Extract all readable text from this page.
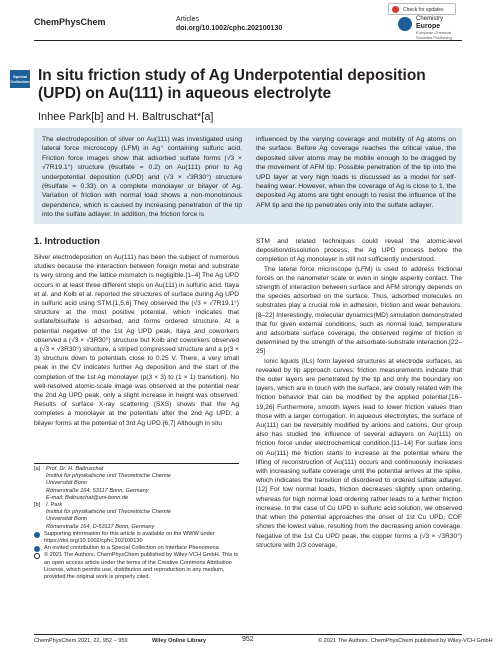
ChemPhysChem	Articles
doi.org/10.1002/cphc.202100130
Check for updates
Chemistry
Europe
European Chemical Societies Publishing
Special Collection In situ friction study of Ag Underpotential deposition (UPD) on Au(111) in aqueous electrolyte
Inhee Park[b] and H. Baltruschat*[a]
The electrodeposition of silver on Au(111) was investigated using lateral force microscopy (LFM) in Ag⁺ containing sulfuric acid. Friction force images show that adsorbed sulfate forms (√3 × √7R19.1°) structure (θsulfate = 0.2) on Au(111) prior to Ag underpotential deposition (UPD) and (√3 × √3R30°) structure (θsulfate = 0.33) on a complete monolayer or bilayer of Ag. Variation of friction with normal load shows a non-monotonous dependence, which is caused by increasing penetration of the tip into the sulfate adlayer. In addition, the friction force is
influenced by the varying coverage and mobility of Ag atoms on the surface. Before Ag coverage reaches the critical value, the deposited silver atoms may be mobile enough to be dragged by the movement of AFM tip. Possible penetration of the tip into the UPD layer at very high loads is discussed as a model for self-healing wear. However, when the coverage of Ag is close to 1, the deposited Ag atoms are tight enough to resist the influence of the AFM tip and the tip penetrates only into the sulfate adlayer.
1. Introduction

Silver electrodeposition on Au(111) has been the subject of numerous studies because the interaction between foreign metal and substrate is very strong and the lattice mismatch is negligible.[1–4] The Ag UPD occurs in at least three different steps on Au(111) in sulfuric acid. Itaya et al. and Kolb et al. reported the structures of surface during Ag UPD in sulfuric acid using STM.[1,5,6] They observed the (√3 × √7R19.1°) structure at the most positive potential, which indicates that sulfate/bisulfate is adsorbed, and forms ordered structure. At a potential negative of the 1st Ag UPD peak, Itaya and coworkers observed a (√3 × √3R30°) structure but Kolb and coworkers observed a (√3 × √3R30°) structure, a striped compressed structure and a p(3 × 3) structure down to potentials close to 0.25 V. There, a very small peak in the CV indicates further Ag deposition and the start of the completion of the 1st Ag monolayer (p(3 × 3) to (1 × 1) transition). No well-resolved atomic-scale image was observed at the potential near the 2nd Ag UPD peak, only a slight increase in height was observed. Results of surface X-ray scattering (SXS) shows that the Ag completes a monolayer at the potentials after the 2nd Ag UPD; a bilayer forms at the potential of 3rd Ag UPD.[6,7] Although in situ

[a] Prof. Dr. H. Baltruschat
Institut für physikalische und Theoretische Chemie
Universität Bonn
Römerstraße 164, 53117 Bonn, Germany
E-mail: Baltruschat@uni-bonn.de
[b] I. Park
Institut für physikalische und Theoretische Chemie
Universität Bonn
Römerstraße 164, D-53117 Bonn, Germany
Supporting information for this article is available on the WWW under https://doi.org/10.1002/cphc.202100130
An invited contribution to a Special Collection on Interface Phenomena
© 2021 The Authors. ChemPhysChem published by Wiley-VCH GmbH. This is an open access article under the terms of the Creative Commons Attribution License, which permits use, distribution and reproduction in any medium, provided the original work is properly cited.

STM and related techniques could reveal the atomic-level deposition/dissolution process, the Ag UPD process before the completion of Ag monolayer is still not sufficiently understood.

The lateral force microscope (LFM) is used to address frictional forces on the nanometer scale or even in single asperity contact. The strength of interaction between surface and AFM strongly depends on the species adsorbed on the surface. Thus, adsorbed molecules on substrates play a crucial role in adhesion, friction and wear behaviors.[8–22] Interestingly, molecular dynamics(MD) simulation demonstrated that for given external conditions, such as normal load, temperature and adsorbate surface coverage, the observed regime of friction is determined by the strength of the adsorbate-substrate interaction.[22–25]

Ionic liquids (ILs) form layered structures at electrode surfaces, as revealed by tip approach curves; friction measurements indicate that the outer layers are penetrated by the tip and only the boundary ion layers, which are in touch with the surface, are closely related with the friction behavior that can be modified by the applied potential.[16–19,26] Furthermore, smooth layers lead to lower friction values than those with a larger corrugation. In aqueous electrolytes, the surface of Au(111) can be reversibly modified by anions and cations. Our group also has studied the influence of several adlayers on Au(111) on friction force under electrochemical condition.[11–14] For sulfate ions on Au(111) the friction starts to increase at the potential where the lifting of reconstruction of Au(111) occurs and continuously increases with increasing sulfate coverage until the potential arrives at the spike, which indicates the transition of disordered to ordered sulfate adlayer.[12] For low normal loads, friction decreases slightly upon ordering, whereas for high normal load ordering rather leads to a further friction increase. In the case of Cu UPD in sulfuric acid solution, we observed that when the potential approaches the onset of 1st Cu UPD, COF shows the lowest value, resulting from the decreasing anion coverage. Negative of the 1st Cu UPD peak, the copper forms a (√3 × √3R30°) structure with 2/3 coverage,

ChemPhysChem 2021, 22, 952 – 959	Wiley Online Library	952	© 2021 The Authors. ChemPhysChem published by Wiley-VCH GmbH
